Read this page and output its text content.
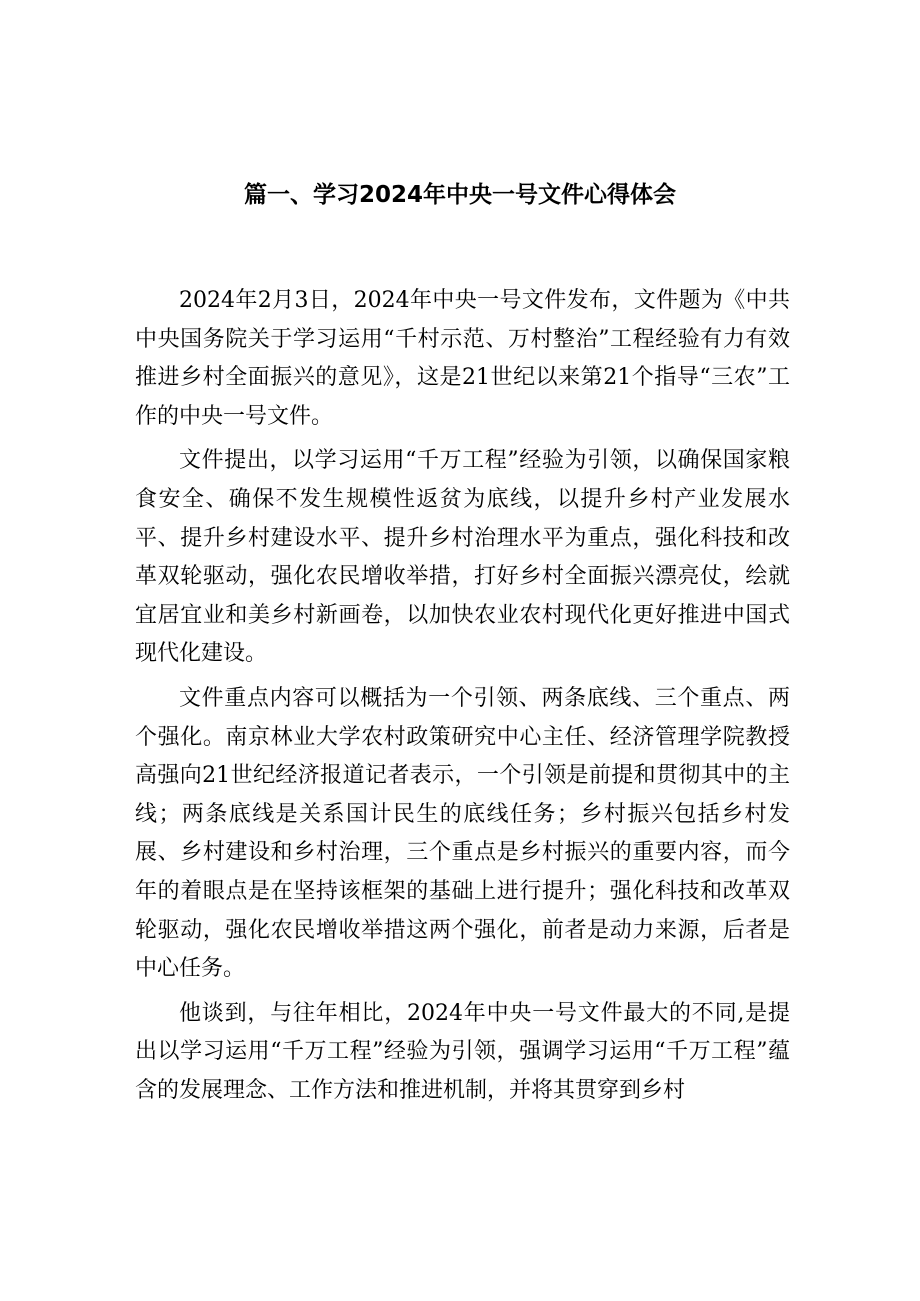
篇一、学习2024年中央一号文件心得体会

2024年2月3日，2024年中央一号文件发布，文件题为《中共中央国务院关于学习运用“千村示范、万村整治”工程经验有力有效推进乡村全面振兴的意见》，这是21世纪以来第21个指导“三农”工作的中央一号文件。

文件提出，以学习运用“千万工程”经验为引领，以确保国家粮食安全、确保不发生规模性返贫为底线，以提升乡村产业发展水平、提升乡村建设水平、提升乡村治理水平为重点，强化科技和改革双轮驱动，强化农民增收举措，打好乡村全面振兴漂亮仗，绘就宜居宜业和美乡村新画卷，以加快农业农村现代化更好推进中国式现代化建设。

文件重点内容可以概括为一个引领、两条底线、三个重点、两个强化。南京林业大学农村政策研究中心主任、经济管理学院教授高强向21世纪经济报道记者表示，一个引领是前提和贯彻其中的主线；两条底线是关系国计民生的底线任务；乡村振兴包括乡村发展、乡村建设和乡村治理，三个重点是乡村振兴的重要内容，而今年的着眼点是在坚持该框架的基础上进行提升；强化科技和改革双轮驱动，强化农民增收举措这两个强化，前者是动力来源，后者是中心任务。

他谈到，与往年相比，2024年中央一号文件最大的不同,是提出以学习运用“千万工程”经验为引领，强调学习运用“千万工程”蕴含的发展理念、工作方法和推进机制，并将其贯穿到乡村
